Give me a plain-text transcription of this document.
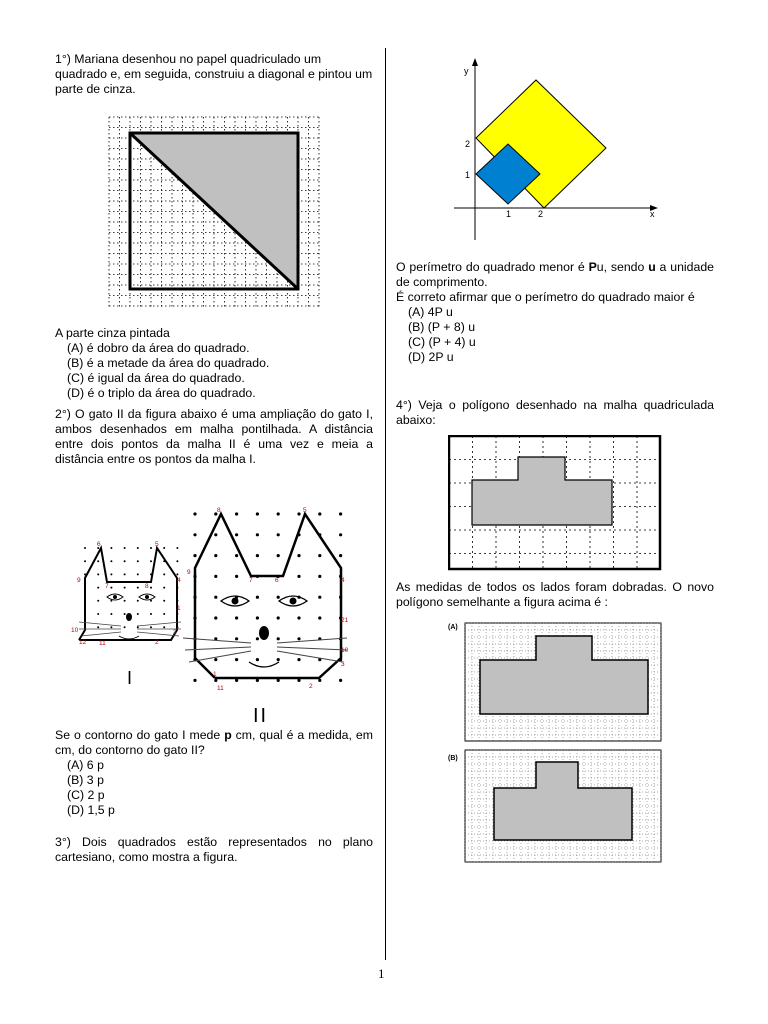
1°) Mariana desenhou no papel quadriculado um quadrado e, em seguida, construiu a diagonal e pintou um parte de cinza.
A parte cinza pintada
(A) é dobro da área do quadrado.
(B) é a metade da área do quadrado.
(C) é igual da área do quadrado.
(D) é o triplo da área do quadrado.
2°) O gato II da figura abaixo é uma ampliação do gato I, ambos desenhados em malha pontilhada. A distância entre dois pontos da malha II é uma vez e meia a distância entre os pontos da malha I.
6	5
7	8
9	4
1
3
10
11
12	2
I
8	5
7	6
9
4
21
10
3
1
11	2
II
Se o contorno do gato I mede p cm, qual é a medida, em cm, do contorno do gato II?
(A) 6 p
(B) 3 p
(C) 2 p
(D) 1,5 p
3°) Dois quadrados estão representados no plano cartesiano, como mostra a figura.
y
x
1	2
1
2
O perímetro do quadrado menor é Pu, sendo u a unidade de comprimento.
É correto afirmar que o perímetro do quadrado maior é
(A) 4P u
(B) (P + 8) u
(C) (P + 4) u
(D) 2P u
4°) Veja o polígono desenhado na malha quadriculada abaixo:
As medidas de todos os lados foram dobradas. O novo polígono semelhante a figura acima é :
(A)
(B)
1
